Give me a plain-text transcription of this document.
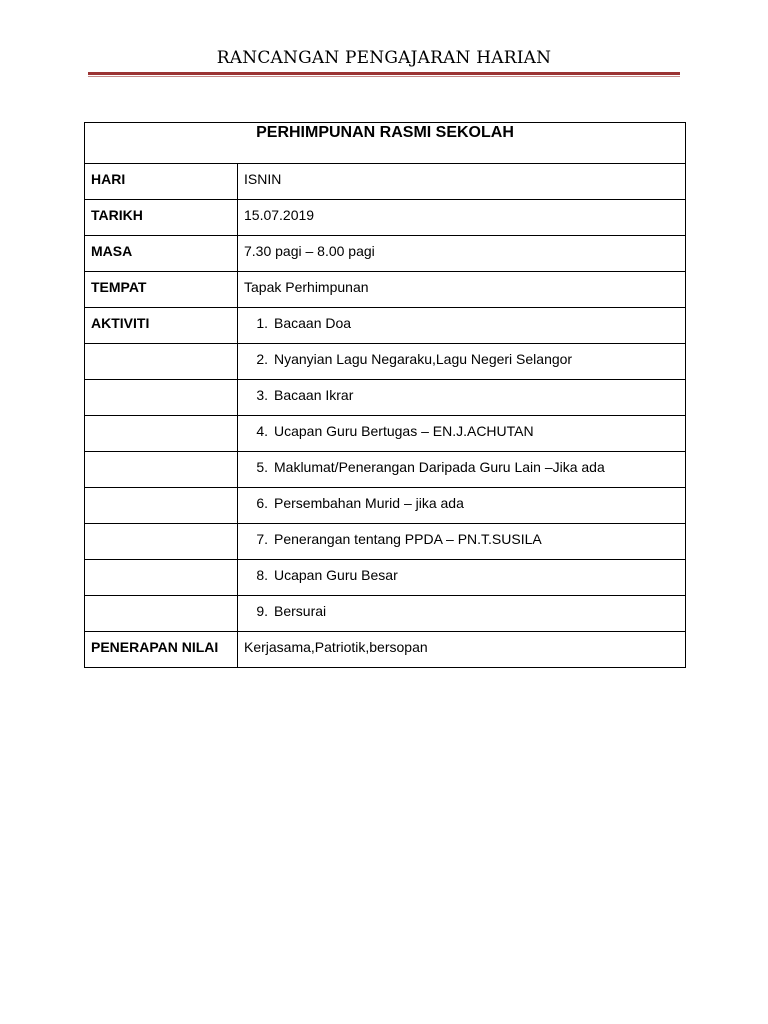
RANCANGAN PENGAJARAN HARIAN
PERHIMPUNAN RASMI SEKOLAH	
HARI	ISNIN
TARIKH	15.07.2019
MASA	7.30 pagi – 8.00 pagi
TEMPAT	Tapak Perhimpunan
AKTIVITI	1. Bacaan Doa
	2. Nyanyian Lagu Negaraku,Lagu Negeri Selangor
	3. Bacaan Ikrar
	4. Ucapan Guru Bertugas – EN.J.ACHUTAN
	5. Maklumat/Penerangan Daripada Guru Lain –Jika ada
	6. Persembahan Murid – jika ada
	7. Penerangan tentang PPDA – PN.T.SUSILA
	8. Ucapan Guru Besar
	9. Bersurai
PENERAPAN NILAI	Kerjasama,Patriotik,bersopan
